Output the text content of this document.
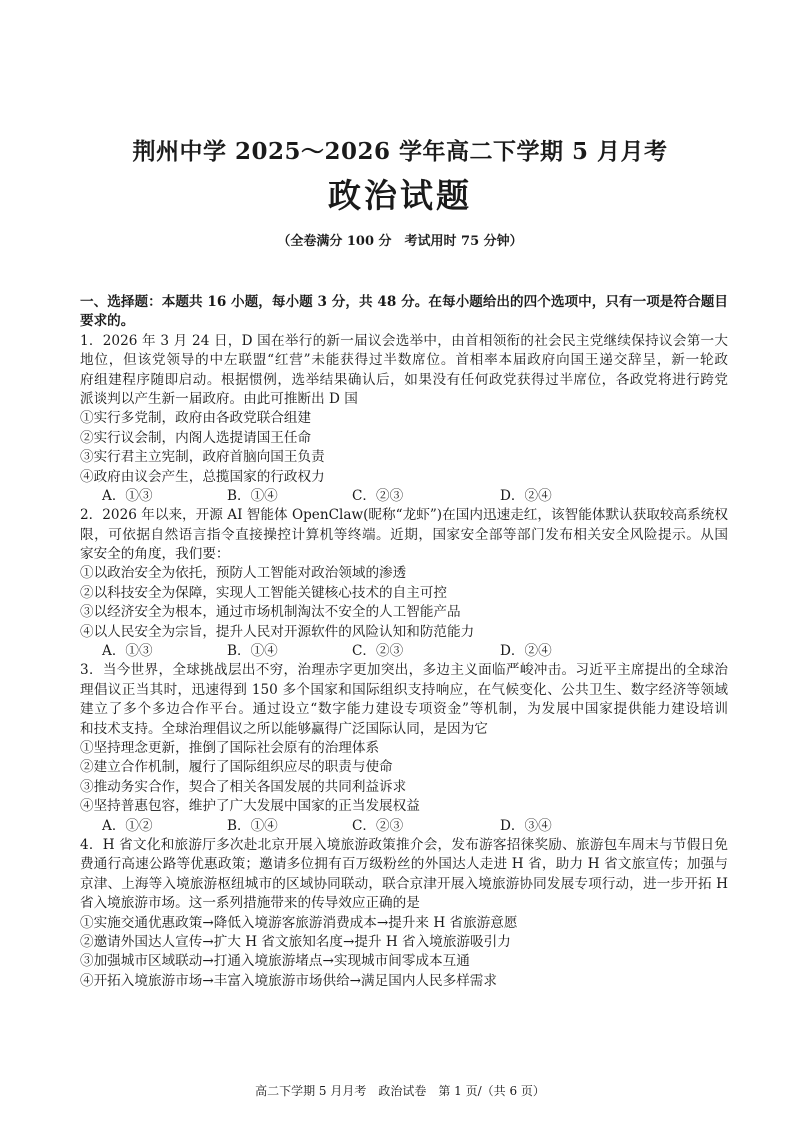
荆州中学 2025～2026 学年高二下学期 5 月月考
政治试题
（全卷满分 100 分　考试用时 75 分钟）
一、选择题：本题共 16 小题，每小题 3 分，共 48 分。在每小题给出的四个选项中，只有一项是符合题目
要求的。
1．2026 年 3 月 24 日，D 国在举行的新一届议会选举中，由首相领衔的社会民主党继续保持议会第一大
地位，但该党领导的中左联盟“红营”未能获得过半数席位。首相率本届政府向国王递交辞呈，新一轮政
府组建程序随即启动。根据惯例，选举结果确认后，如果没有任何政党获得过半席位，各政党将进行跨党
派谈判以产生新一届政府。由此可推断出 D 国
①实行多党制，政府由各政党联合组建
②实行议会制，内阁人选提请国王任命
③实行君主立宪制，政府首脑向国王负责
④政府由议会产生，总揽国家的行政权力
A．①③	B．①④	C．②③	D．②④
2．2026 年以来，开源 AI 智能体 OpenClaw(昵称“龙虾”)在国内迅速走红，该智能体默认获取较高系统权
限，可依据自然语言指令直接操控计算机等终端。近期，国家安全部等部门发布相关安全风险提示。从国
家安全的角度，我们要：
①以政治安全为依托，预防人工智能对政治领域的渗透
②以科技安全为保障，实现人工智能关键核心技术的自主可控
③以经济安全为根本，通过市场机制淘汰不安全的人工智能产品
④以人民安全为宗旨，提升人民对开源软件的风险认知和防范能力
A．①③	B．①④	C．②③	D．②④
3．当今世界，全球挑战层出不穷，治理赤字更加突出，多边主义面临严峻冲击。习近平主席提出的全球治
理倡议正当其时，迅速得到 150 多个国家和国际组织支持响应，在气候变化、公共卫生、数字经济等领域
建立了多个多边合作平台。通过设立“数字能力建设专项资金”等机制，为发展中国家提供能力建设培训
和技术支持。全球治理倡议之所以能够赢得广泛国际认同，是因为它
①坚持理念更新，推倒了国际社会原有的治理体系
②建立合作机制，履行了国际组织应尽的职责与使命
③推动务实合作，契合了相关各国发展的共同利益诉求
④坚持普惠包容，维护了广大发展中国家的正当发展权益
A．①②	B．①④	C．②③	D．③④
4．H 省文化和旅游厅多次赴北京开展入境旅游政策推介会，发布游客招徕奖励、旅游包车周末与节假日免
费通行高速公路等优惠政策；邀请多位拥有百万级粉丝的外国达人走进 H 省，助力 H 省文旅宣传；加强与
京津、上海等入境旅游枢纽城市的区域协同联动，联合京津开展入境旅游协同发展专项行动，进一步开拓 H
省入境旅游市场。这一系列措施带来的传导效应正确的是
①实施交通优惠政策→降低入境游客旅游消费成本→提升来 H 省旅游意愿
②邀请外国达人宣传→扩大 H 省文旅知名度→提升 H 省入境旅游吸引力
③加强城市区域联动→打通入境旅游堵点→实现城市间零成本互通
④开拓入境旅游市场→丰富入境旅游市场供给→满足国内人民多样需求
高二下学期 5 月月考　政治试卷　第 1 页/（共 6 页）
